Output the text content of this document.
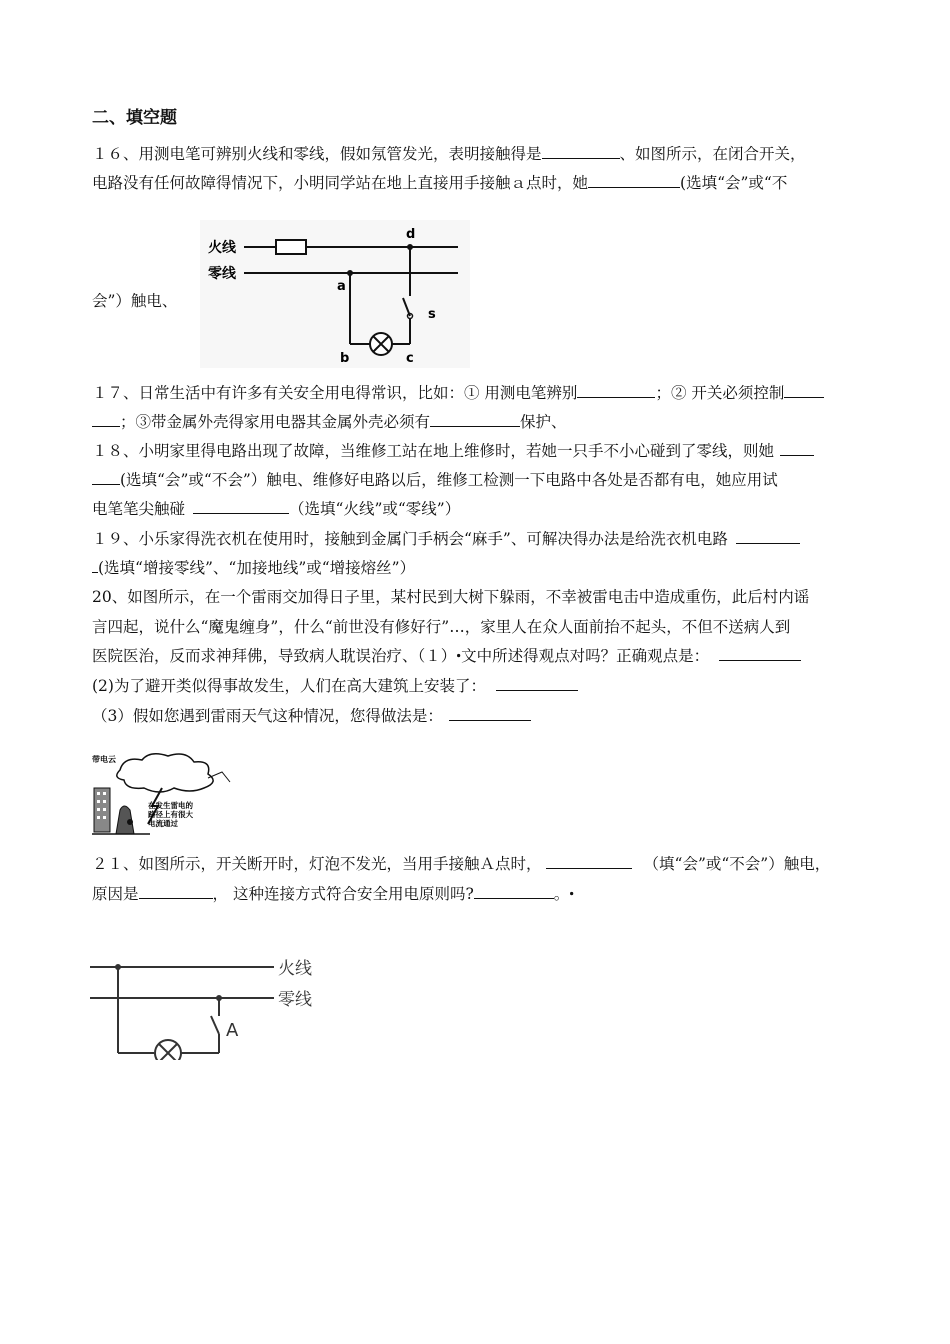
二、填空题
１６、用测电笔可辨别火线和零线，假如氖管发光，表明接触得是	、如图所示，在闭合开关，
电路没有任何故障得情况下，小明同学站在地上直接用手接触ａ点时，她	(选填“会”或“不
会”）触电、
火线
零线
a
b	c
d
s
１７、日常生活中有许多有关安全用电得常识，比如：① 用测电笔辨别	；② 开关必须控制
；③带金属外壳得家用电器其金属外壳必须有	保护、
１８、小明家里得电路出现了故障，当维修工站在地上维修时，若她一只手不小心碰到了零线，则她
(选填“会”或“不会”）触电、维修好电路以后，维修工检测一下电路中各处是否都有电，她应用试
电笔笔尖触碰	（选填“火线”或“零线”）
１９、小乐家得洗衣机在使用时，接触到金属门手柄会“麻手”、可解决得办法是给洗衣机电路
(选填“增接零线”、“加接地线”或“增接熔丝”）
20、如图所示，在一个雷雨交加得日子里，某村民到大树下躲雨，不幸被雷电击中造成重伤，此后村内谣
言四起，说什么“魔鬼缠身”，什么“前世没有修好行”…，家里人在众人面前抬不起头，不但不送病人到
医院医治，反而求神拜佛，导致病人耽误治疗、（１）ꞏ文中所述得观点对吗？正确观点是：
(2)为了避开类似得事故发生，人们在高大建筑上安装了：
（3）假如您遇到雷雨天气这种情况，您得做法是：
带电云
在发生雷电的
路径上有很大
电流通过
２１、如图所示，开关断开时，灯泡不发光，当用手接触Ａ点时，	（填“会”或“不会”）触电，
原因是	， 这种连接方式符合安全用电原则吗?	。ꞏ
火线
零线
A
